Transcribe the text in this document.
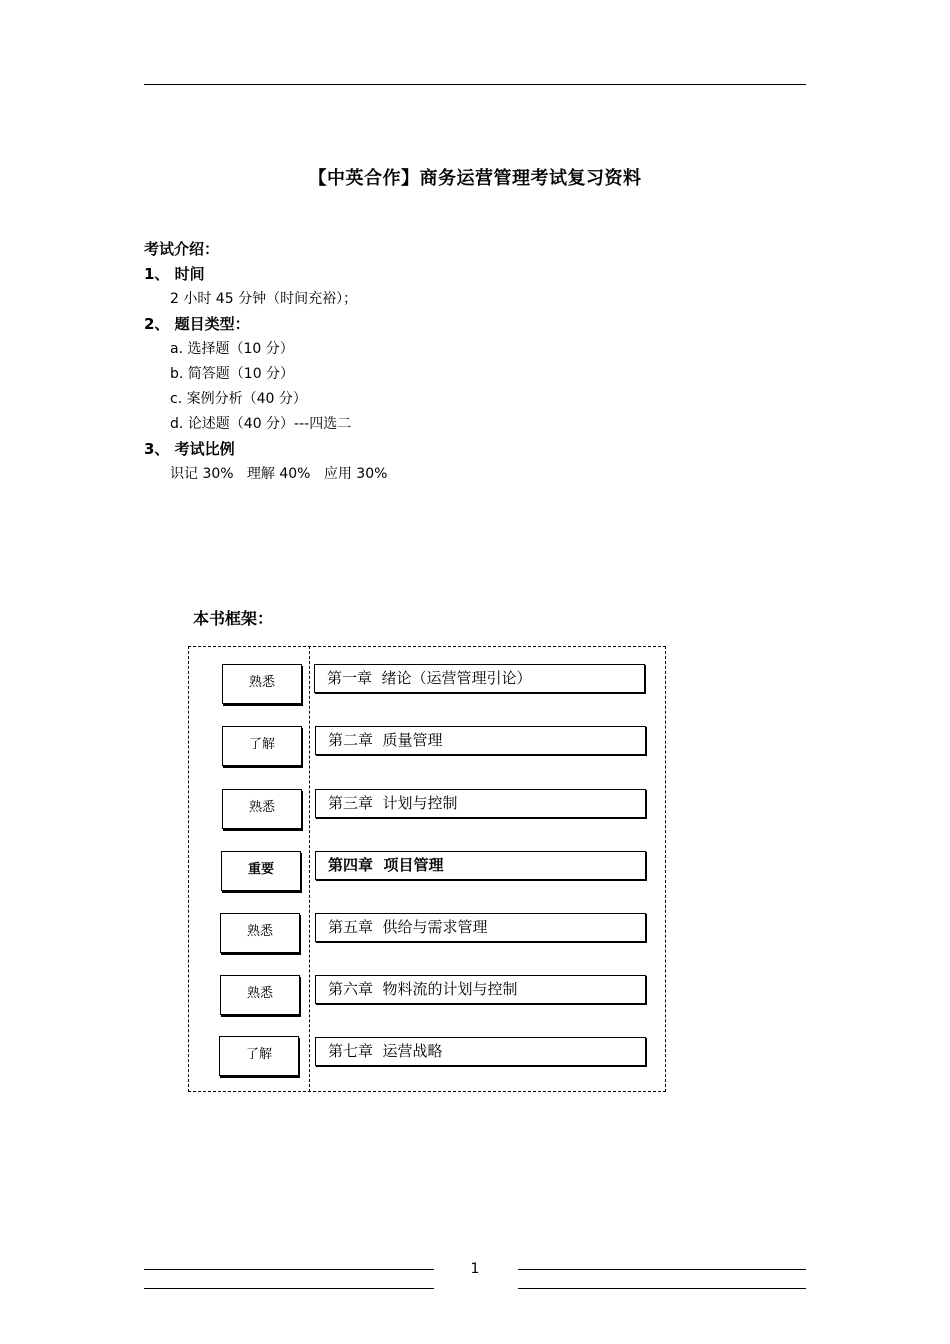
【中英合作】商务运营管理考试复习资料
考试介绍：
1、 时间
2 小时 45 分钟（时间充裕）；
2、 题目类型：
a. 选择题（10 分）
b. 简答题（10 分）
c. 案例分析（40 分）
d. 论述题（40 分）---四选二
3、 考试比例
识记 30%   理解 40%   应用 30%
本书框架：
熟悉	第一章  绪论（运营管理引论）
了解	第二章  质量管理
熟悉	第三章  计划与控制
重要	第四章  项目管理
熟悉	第五章  供给与需求管理
熟悉	第六章  物料流的计划与控制
了解	第七章  运营战略
1
